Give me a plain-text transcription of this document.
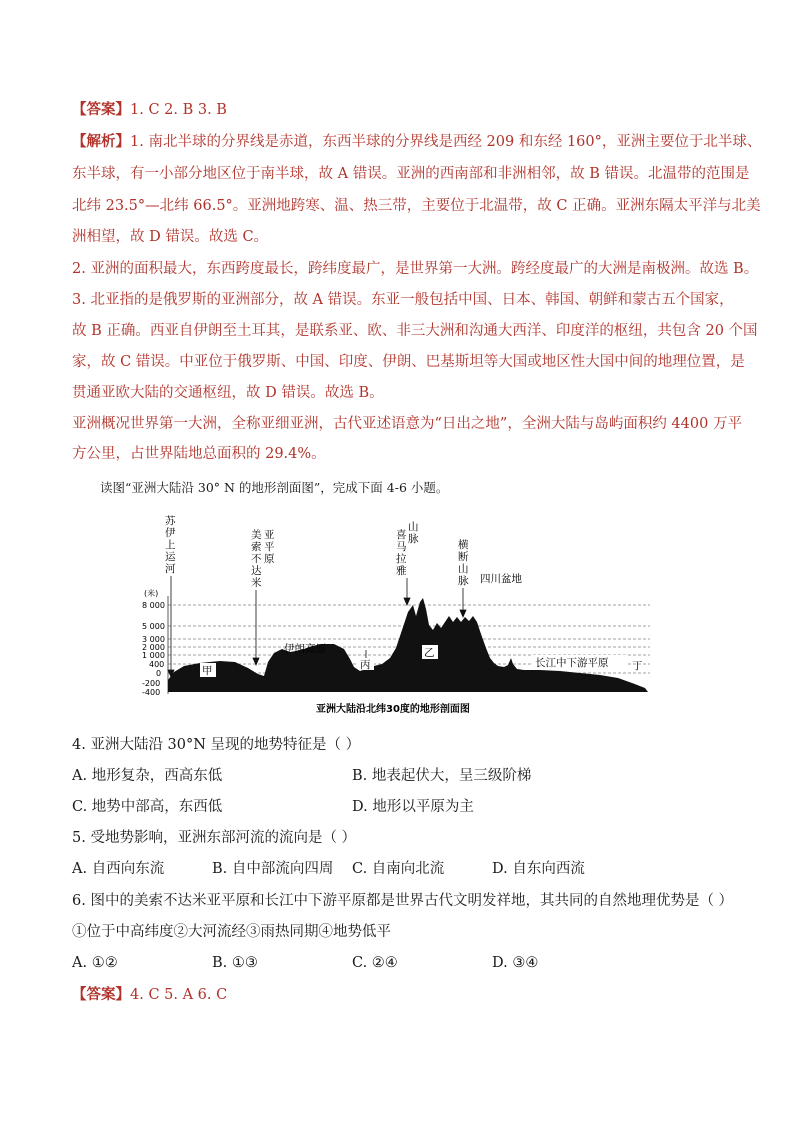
【答案】1. C 2. B 3. B
【解析】1. 南北半球的分界线是赤道，东西半球的分界线是西经 209 和东经 160°，亚洲主要位于北半球、
东半球，有一小部分地区位于南半球，故 A 错误。亚洲的西南部和非洲相邻，故 B 错误。北温带的范围是
北纬 23.5°—北纬 66.5°。亚洲地跨寒、温、热三带，主要位于北温带，故 C 正确。亚洲东隔太平洋与北美
洲相望，故 D 错误。故选 C。
2. 亚洲的面积最大，东西跨度最长，跨纬度最广，是世界第一大洲。跨经度最广的大洲是南极洲。故选 B。
3. 北亚指的是俄罗斯的亚洲部分，故 A 错误。东亚一般包括中国、日本、韩国、朝鲜和蒙古五个国家，
故 B 正确。西亚自伊朗至土耳其，是联系亚、欧、非三大洲和沟通大西洋、印度洋的枢纽，共包含 20 个国
家，故 C 错误。中亚位于俄罗斯、中国、印度、伊朗、巴基斯坦等大国或地区性大国中间的地理位置，是
贯通亚欧大陆的交通枢纽，故 D 错误。故选 B。
亚洲概况世界第一大洲，全称亚细亚洲，古代亚述语意为“日出之地”，全洲大陆与岛屿面积约 4400 万平
方公里，占世界陆地总面积的 29.4%。
读图“亚洲大陆沿 30° N 的地形剖面图”，完成下面 4-6 小题。
(米)
8 000
5 000
3 000
2 000
1 000
400
0
-200
-400
甲
乙
丙	长江中下游平原 丁
伊朗高原
四川盆地
苏伊上运河
美索不达米
亚平原
喜马拉雅
山脉	横断山脉
亚洲大陆沿北纬30度的地形剖面图
4. 亚洲大陆沿 30°N 呈现的地势特征是（ ）
A. 地形复杂，西高东低	B. 地表起伏大，呈三级阶梯
C. 地势中部高，东西低	D. 地形以平原为主
5. 受地势影响，亚洲东部河流的流向是（ ）
A. 自西向东流	B. 自中部流向四周 C. 自南向北流	D. 自东向西流
6. 图中的美索不达米亚平原和长江中下游平原都是世界古代文明发祥地，其共同的自然地理优势是（ ）
①位于中高纬度②大河流经③雨热同期④地势低平
A. ①②	B. ①③	C. ②④	D. ③④
【答案】4. C 5. A 6. C
